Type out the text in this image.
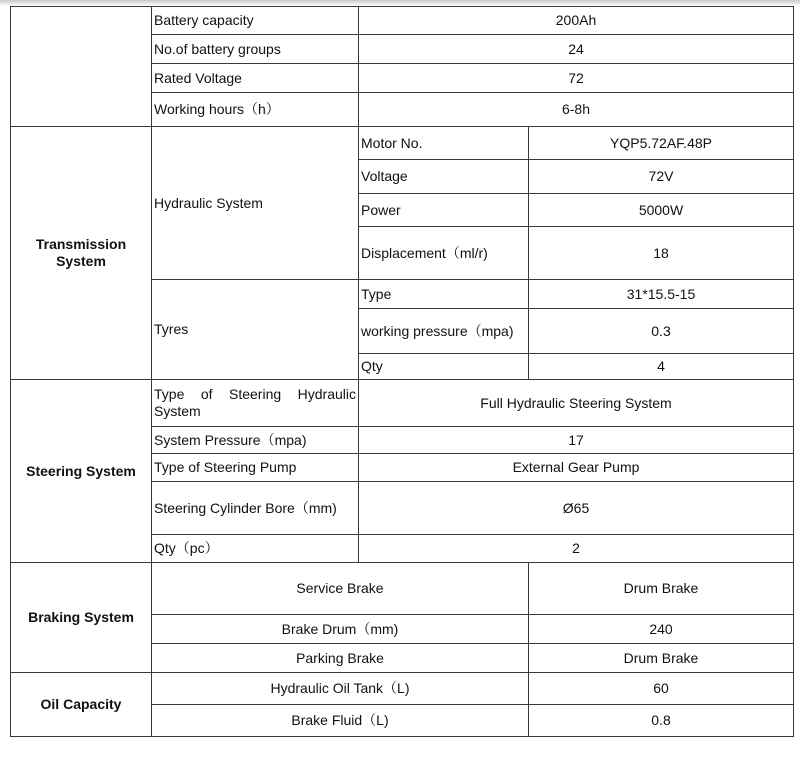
	Battery capacity	200Ah	
	No.of battery groups	24	
	Rated Voltage	72	
	Working hours（h）	6-8h	
Transmission System	Hydraulic System	Motor No.	YQP5.72AF.48P
		Voltage	72V
		Power	5000W
		Displacement（ml/r)	18
	Tyres	Type	31*15.5-15
		working pressure（mpa)	0.3
		Qty	4
Steering System	Type of Steering Hydraulic System	Full Hydraulic Steering System	
	System Pressure（mpa)	17	
	Type of Steering Pump	External Gear Pump	
	Steering Cylinder Bore（mm)	Ø65	
	Qty（pc）	2	
Braking System	Service Brake		Drum Brake
	Brake Drum（mm)		240
	Parking Brake		Drum Brake
Oil Capacity	Hydraulic Oil Tank（L)		60
	Brake Fluid（L)		0.8
